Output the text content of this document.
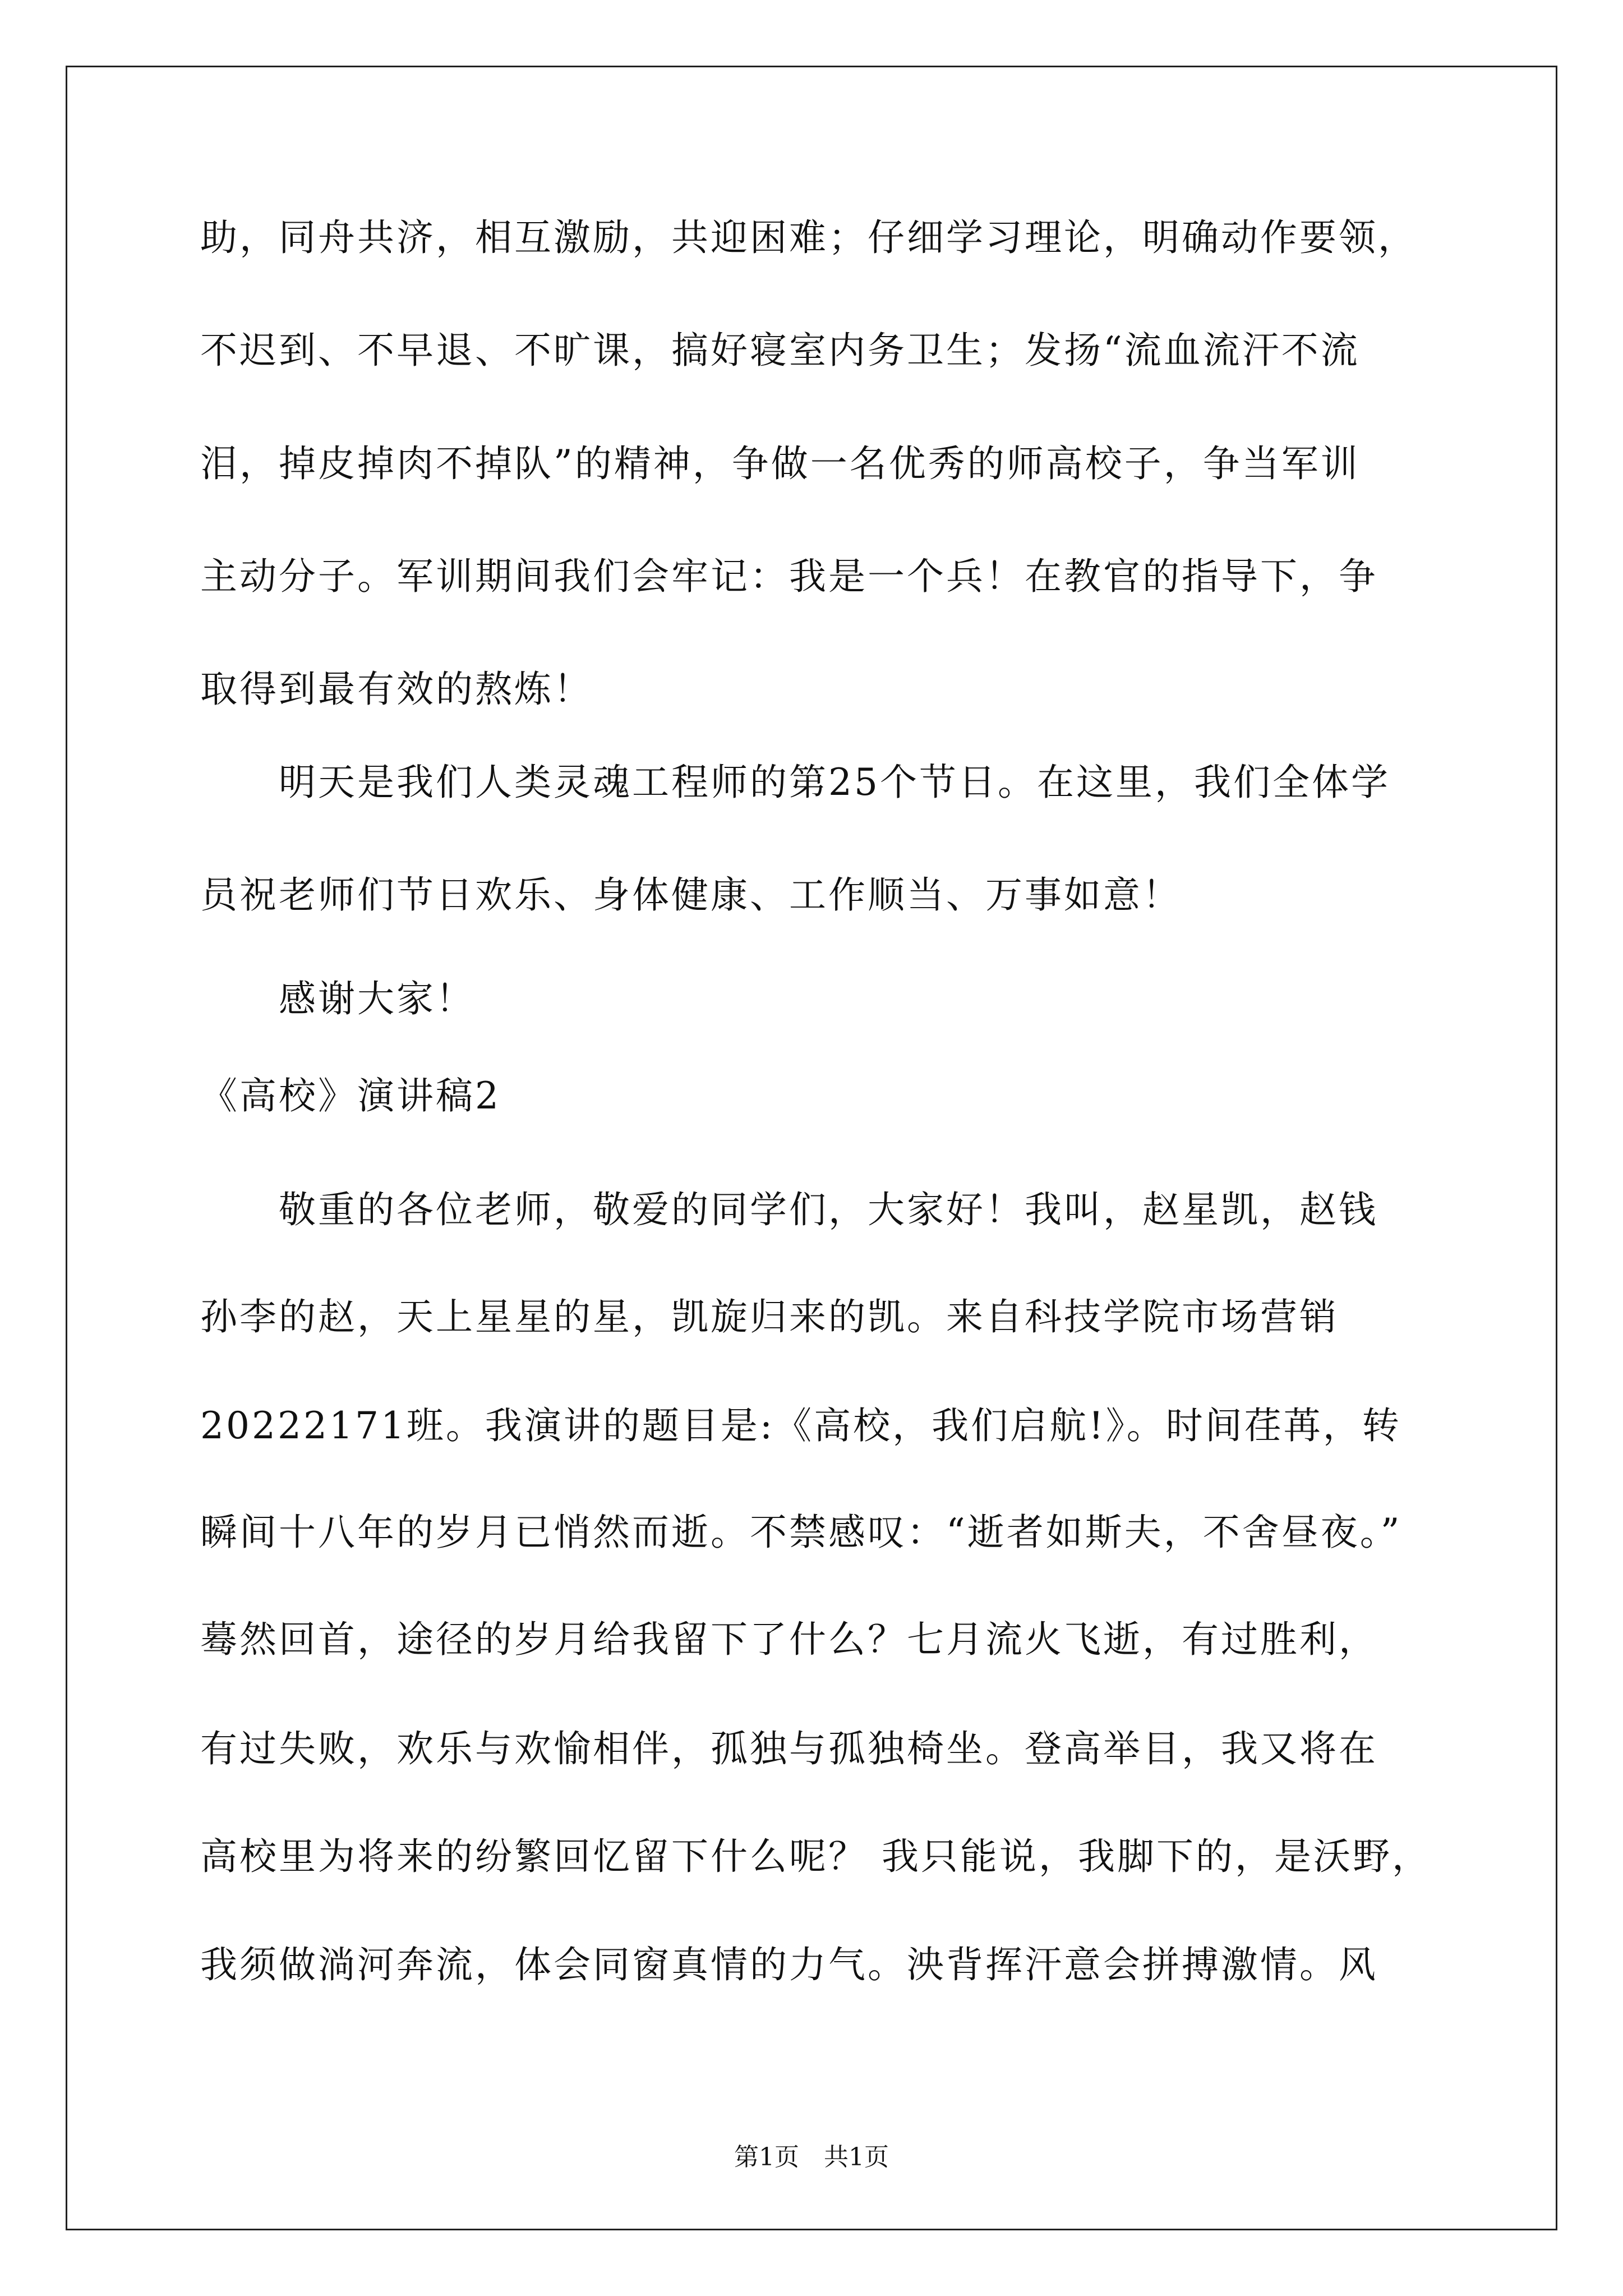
助，同舟共济，相互激励，共迎困难；仔细学习理论，明确动作要领，
不迟到、不早退、不旷课，搞好寝室内务卫生；发扬“流血流汗不流
泪，掉皮掉肉不掉队”的精神，争做一名优秀的师高校子，争当军训
主动分子。军训期间我们会牢记：我是一个兵！在教官的指导下，争
取得到最有效的熬炼！
　　明天是我们人类灵魂工程师的第25个节日。在这里，我们全体学
员祝老师们节日欢乐、身体健康、工作顺当、万事如意！
　　感谢大家！
《高校》演讲稿2
　　敬重的各位老师，敬爱的同学们，大家好！我叫，赵星凯，赵钱
孙李的赵，天上星星的星，凯旋归来的凯。来自科技学院市场营销
20222171班。我演讲的题目是:《高校，我们启航!》。时间荏苒，转
瞬间十八年的岁月已悄然而逝。不禁感叹：“逝者如斯夫，不舍昼夜。”
蓦然回首，途径的岁月给我留下了什么？七月流火飞逝，有过胜利，
有过失败，欢乐与欢愉相伴，孤独与孤独椅坐。登高举目，我又将在
高校里为将来的纷繁回忆留下什么呢？ 我只能说，我脚下的，是沃野，
我须做淌河奔流，体会同窗真情的力气。泱背挥汗意会拼搏激情。风
第1页　共1页
